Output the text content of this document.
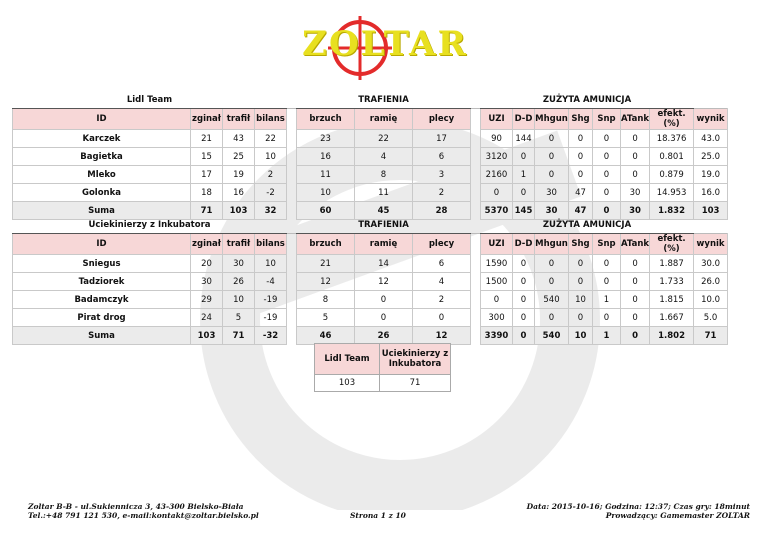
ZOLTAR
Lidl Team					TRAFIENIA				ZUŻYTA AMUNICJA							
ID	zginał	trafił	bilans		brzuch	ramię	plecy		UZI	D-D	Mhgun	Shg	Snp	ATank	efekt.(%)	wynik
Karczek	21	43	22		23	22	17		90	144	0	0	0	0	18.376	43.0
Bagietka	15	25	10		16	4	6		3120	0	0	0	0	0	0.801	25.0
Mleko	17	19	2		11	8	3		2160	1	0	0	0	0	0.879	19.0
Golonka	18	16	-2		10	11	2		0	0	30	47	0	30	14.953	16.0
Suma	71	103	32		60	45	28		5370	145	30	47	0	30	1.832	103
Uciekinierzy z Inkubatora					TRAFIENIA				ZUŻYTA AMUNICJA							
ID	zginał	trafił	bilans		brzuch	ramię	plecy		UZI	D-D	Mhgun	Shg	Snp	ATank	efekt.(%)	wynik
Sniegus	20	30	10		21	14	6		1590	0	0	0	0	0	1.887	30.0
Tadziorek	30	26	-4		12	12	4		1500	0	0	0	0	0	1.733	26.0
Badamczyk	29	10	-19		8	0	2		0	0	540	10	1	0	1.815	10.0
Pirat drog	24	5	-19		5	0	0		300	0	0	0	0	0	1.667	5.0
Suma	103	71	-32		46	26	12		3390	0	540	10	1	0	1.802	71
Lidl Team	Uciekinierzy z Inkubatora
103	71
Zoltar B-B - ul.Sukiennicza 3, 43-300 Bielsko-Biała
Tel.:+48 791 121 530, e-mail:kontakt@zoltar.bielsko.pl	Strona 1 z 10
Data: 2015-10-16; Godzina: 12:37; Czas gry: 18minut
Prowadzący: Gamemaster ZOLTAR
